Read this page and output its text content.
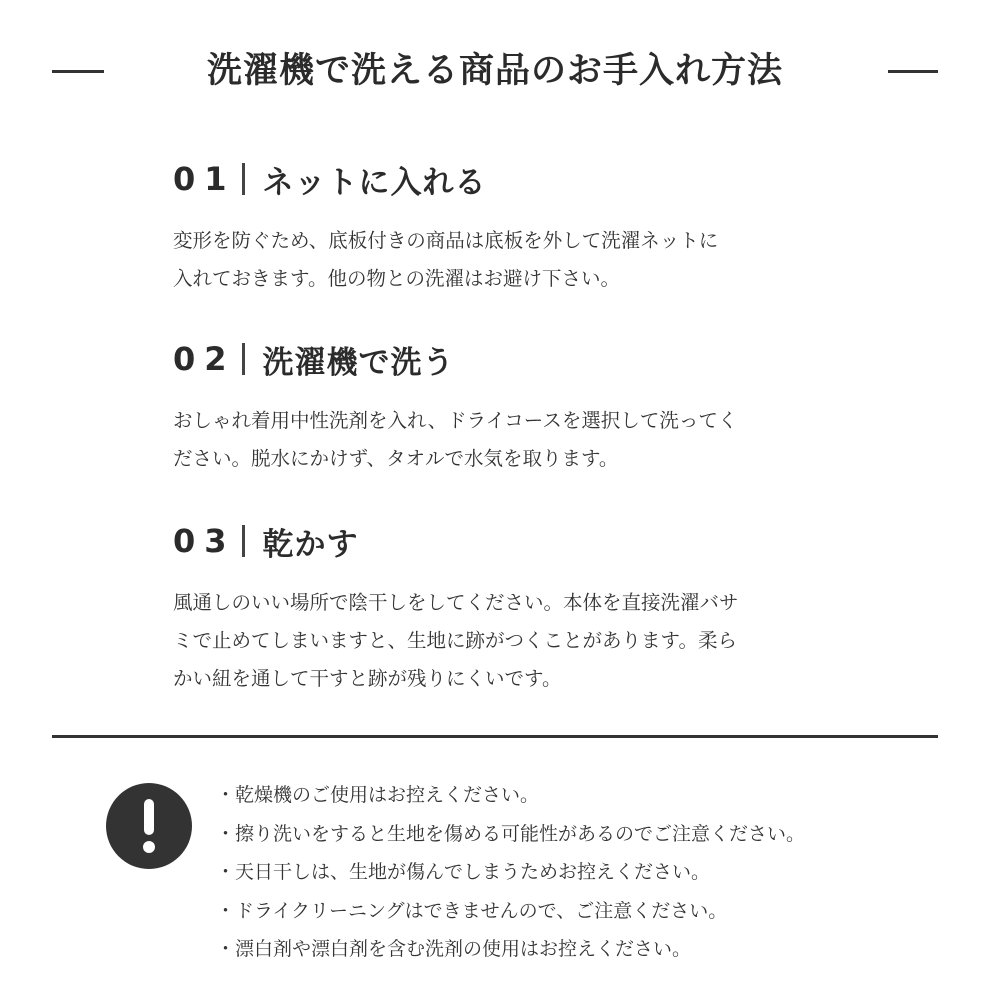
洗濯機で洗える商品のお手入れ方法
01 ネットに入れる
変形を防ぐため、底板付きの商品は底板を外して洗濯ネットに
入れておきます。他の物との洗濯はお避け下さい。
02 洗濯機で洗う
おしゃれ着用中性洗剤を入れ、ドライコースを選択して洗ってく
ださい。脱水にかけず、タオルで水気を取ります。
03 乾かす
風通しのいい場所で陰干しをしてください。本体を直接洗濯バサ
ミで止めてしまいますと、生地に跡がつくことがあります。柔ら
かい紐を通して干すと跡が残りにくいです。
・乾燥機のご使用はお控えください。
・擦り洗いをすると生地を傷める可能性があるのでご注意ください。
・天日干しは、生地が傷んでしまうためお控えください。
・ドライクリーニングはできませんので、ご注意ください。
・漂白剤や漂白剤を含む洗剤の使用はお控えください。
